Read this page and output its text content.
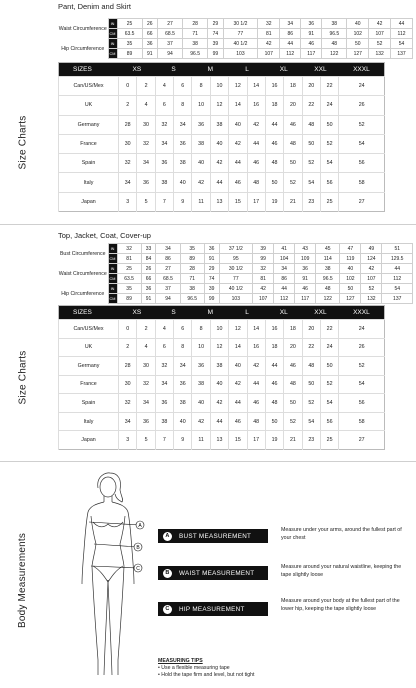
Pant, Denim and Skirt
Waist Circumference	IN	25	26	27	28	29	30 1/2	32	34	36	38	40	42	44
	CM	63.5	66	68.5	71	74	77	81	86	91	96.5	102	107	112
Hip Circumference	IN	35	36	37	38	39	40 1/2	42	44	46	48	50	52	54
	CM	89	91	94	96.5	99	103	107	112	117	122	127	132	137
Size Charts
SIZES	XS		S		M		L		XL		XXL		XXXL
Can/US/Mex	0	2	4	6	8	10	12	14	16	18	20	22	24
UK	2	4	6	8	10	12	14	16	18	20	22	24	26
Germany	28	30	32	34	36	38	40	42	44	46	48	50	52
France	30	32	34	36	38	40	42	44	46	48	50	52	54
Spain	32	34	36	38	40	42	44	46	48	50	52	54	56
Italy	34	36	38	40	42	44	46	48	50	52	54	56	58
Japan	3	5	7	9	11	13	15	17	19	21	23	25	27
Top, Jacket, Coat, Cover-up
Bust Circumference	IN	32	33	34	35	36	37 1/2	39	41	43	45	47	49	51
	CM	81	84	86	89	91	95	99	104	109	114	119	124	129.5
Waist Circumference	IN	25	26	27	28	29	30 1/2	32	34	36	38	40	42	44
	CM	63.5	66	68.5	71	74	77	81	86	91	96.5	102	107	112
Hip Circumference	IN	35	36	37	38	39	40 1/2	42	44	46	48	50	52	54
	CM	89	91	94	96.5	99	103	107	112	117	122	127	132	137
Size Charts
SIZES	XS		S		M		L		XL		XXL		XXXL
Can/US/Mex	0	2	4	6	8	10	12	14	16	18	20	22	24
UK	2	4	6	8	10	12	14	16	18	20	22	24	26
Germany	28	30	32	34	36	38	40	42	44	46	48	50	52
France	30	32	34	36	38	40	42	44	46	48	50	52	54
Spain	32	34	36	38	40	42	44	46	48	50	52	54	56
Italy	34	36	38	40	42	44	46	48	50	52	54	56	58
Japan	3	5	7	9	11	13	15	17	19	21	23	25	27
Body Measurements
A
B
C
A	BUST MEASUREMENT
Measure under your arms, around the fullest part of your chest
B	WAIST MEASUREMENT
Measure around your natural waistline, keeping the tape slightly loose
C	HIP MEASUREMENT
Measure around your body at the fullest part of the lower hip, keeping the tape slightly loose
MEASURING TIPS
• Use a flexible measuring tape
• Hold the tape firm and level, but not tight
